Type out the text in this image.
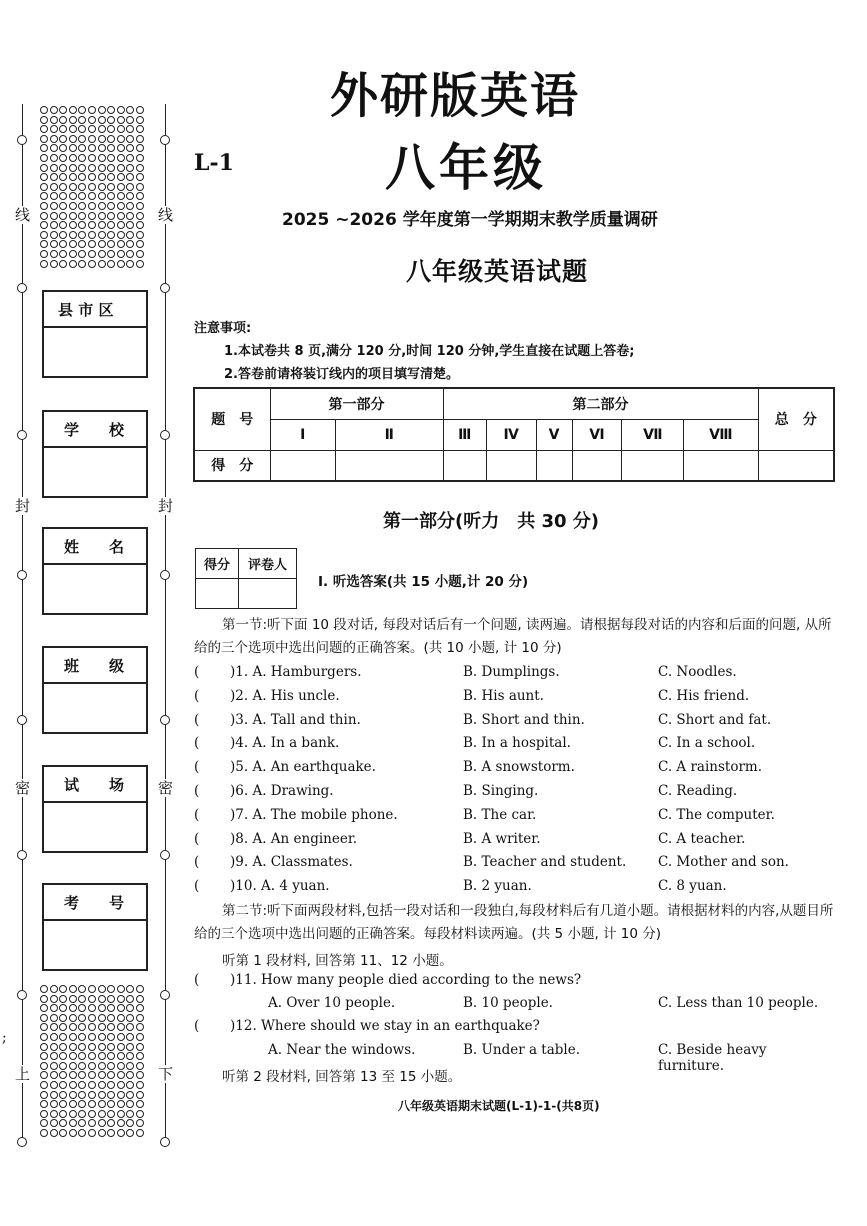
线	线
封	封
密	密
上	下
;
县 市 区
学　　校
姓　　名
班　　级
试　　场
考　　号
外研版英语
L-1	八年级
2025 ~2026 学年度第一学期期末教学质量调研
八年级英语试题
注意事项:
1.本试卷共 8 页,满分 120 分,时间 120 分钟,学生直接在试题上答卷;
2.答卷前请将装订线内的项目填写清楚。
题　号	第一部分		第二部分						总　分
	Ⅰ	Ⅱ	Ⅲ	Ⅳ	Ⅴ	Ⅵ	Ⅶ	Ⅷ	
得　分									
第一部分(听力　共 30 分)
得分	评卷人

Ⅰ. 听选答案(共 15 小题,计 20 分)
第一节:听下面 10 段对话, 每段对话后有一个问题, 读两遍。请根据每段对话的内容和后面的问题, 从所给的三个选项中选出问题的正确答案。(共 10 小题, 计 10 分)
( )1. A. Hamburgers.	B. Dumplings.	C. Noodles.
( )2. A. His uncle.	B. His aunt.	C. His friend.
( )3. A. Tall and thin.	B. Short and thin.	C. Short and fat.
( )4. A. In a bank.	B. In a hospital.	C. In a school.
( )5. A. An earthquake.	B. A snowstorm.	C. A rainstorm.
( )6. A. Drawing.	B. Singing.	C. Reading.
( )7. A. The mobile phone.	B. The car.	C. The computer.
( )8. A. An engineer.	B. A writer.	C. A teacher.
( )9. A. Classmates.	B. Teacher and student. C. Mother and son.
( )10. A. 4 yuan.	B. 2 yuan.	C. 8 yuan.
第二节:听下面两段材料,包括一段对话和一段独白,每段材料后有几道小题。请根据材料的内容,从题目所给的三个选项中选出问题的正确答案。每段材料读两遍。(共 5 小题, 计 10 分)
听第 1 段材料, 回答第 11、12 小题。
( )11. How many people died according to the news?
A. Over 10 people.	B. 10 people.	C. Less than 10 people.
( )12. Where should we stay in an earthquake?
A. Near the windows.	B. Under a table.	C. Beside heavy furniture.
听第 2 段材料, 回答第 13 至 15 小题。
八年级英语期末试题(L-1)-1-(共8页)
